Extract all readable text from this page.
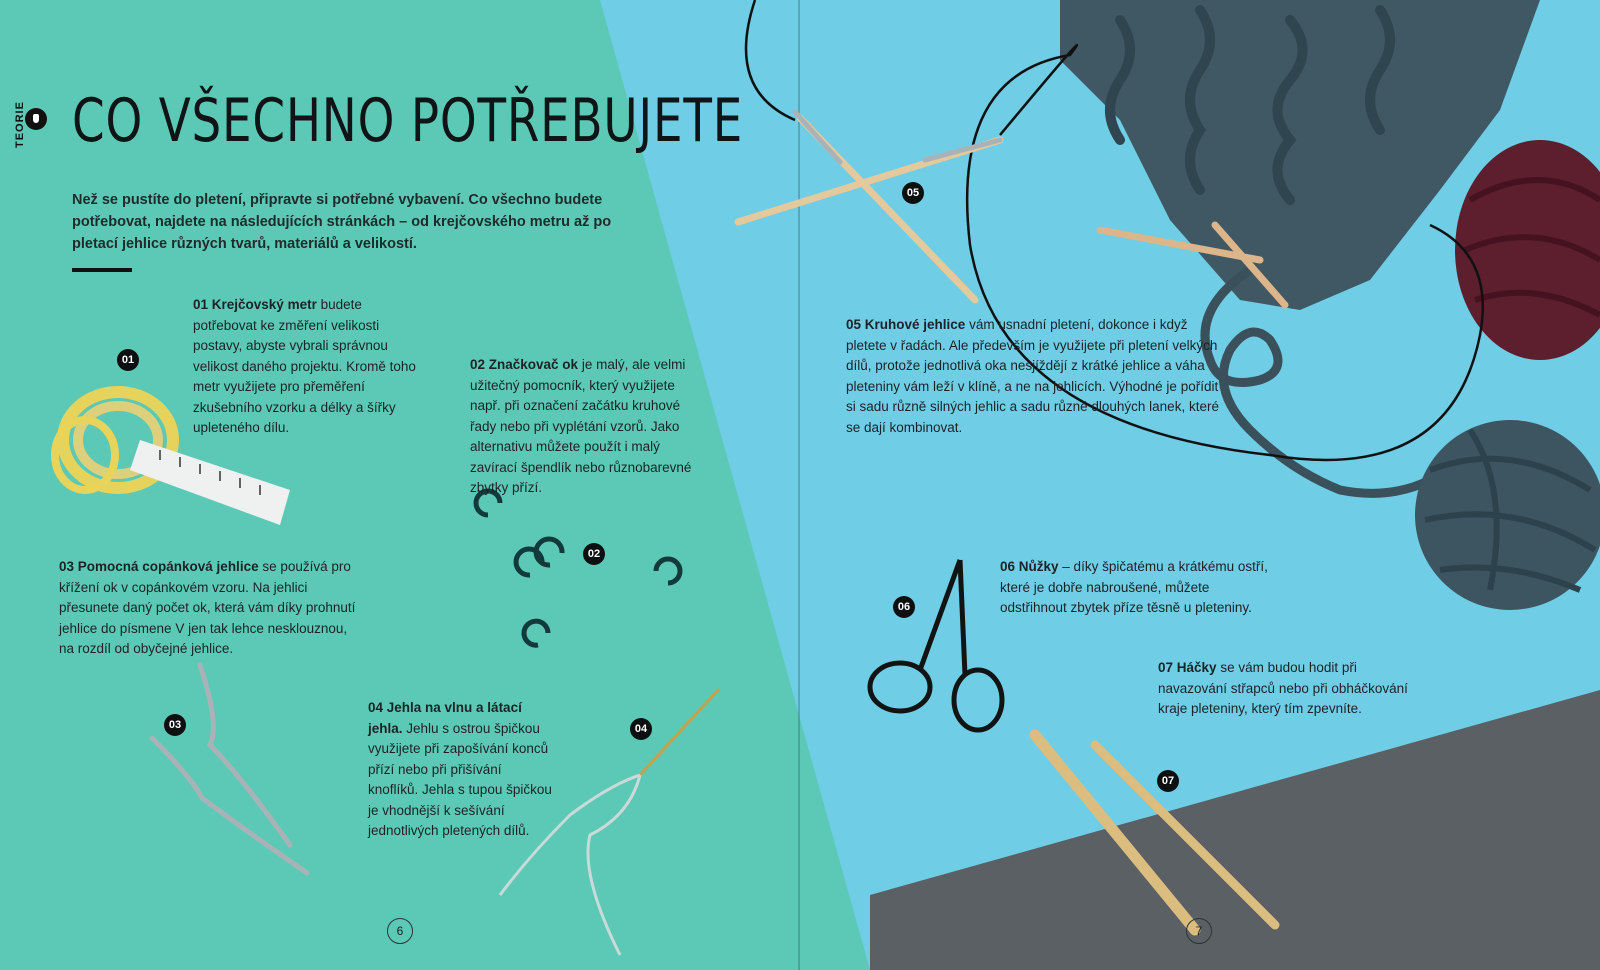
TEORIE CO VŠECHNO POTŘEBUJETE
Než se pustíte do pletení, připravte si potřebné vybavení. Co všechno budete potřebovat, najdete na následujících stránkách – od krejčovského metru až po pletací jehlice různých tvarů, materiálů a velikostí.
01 Krejčovský metr budete potřebovat ke změření velikosti postavy, abyste vybrali správnou velikost daného projektu. Kromě toho metr využijete pro přeměření zkušebního vzorku a délky a šířky upleteného dílu.
02 Značkovač ok je malý, ale velmi užitečný pomocník, který využijete např. při označení začátku kruhové řady nebo při vyplétání vzorů. Jako alternativu můžete použít i malý zavírací špendlík nebo různobarevné zbytky přízí.
03 Pomocná copánková jehlice se používá pro křížení ok v copánkovém vzoru. Na jehlici přesunete daný počet ok, která vám díky prohnutí jehlice do písmene V jen tak lehce nesklouznou, na rozdíl od obyčejné jehlice.
04 Jehla na vlnu a látací jehla. Jehlu s ostrou špičkou využijete při zapošívání konců přízí nebo při přišívání knoflíků. Jehla s tupou špičkou je vhodnější k sešívání jednotlivých pletených dílů.
05 Kruhové jehlice vám usnadní pletení, dokonce i když pletete v řadách. Ale především je využijete při pletení velkých dílů, protože jednotlivá oka nesjíždějí z krátké jehlice a váha pleteniny vám leží v klíně, a ne na jehlicích. Výhodné je pořídit si sadu různě silných jehlic a sadu různě dlouhých lanek, které se dají kombinovat.
06 Nůžky – díky špičatému a krátkému ostří, které je dobře nabroušené, můžete odstřihnout zbytek příze těsně u pleteniny.
07 Háčky se vám budou hodit při navazování střapců nebo při obháčkování kraje pleteniny, který tím zpevníte.
01
02
03	04
05
06
07
6	7
